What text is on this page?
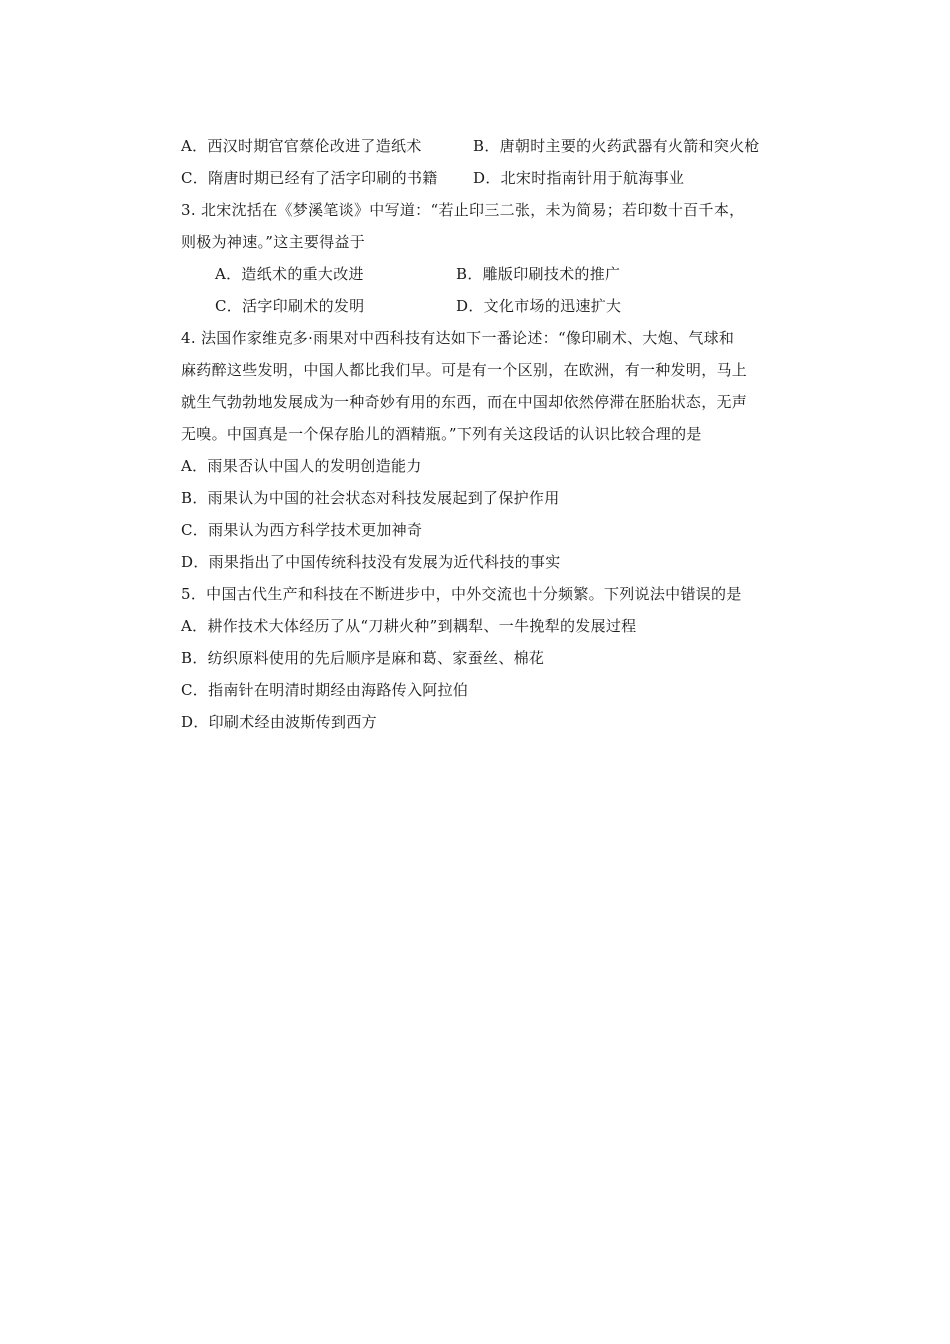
A．西汉时期官官蔡伦改进了造纸术	B．唐朝时主要的火药武器有火箭和突火枪
C．隋唐时期已经有了活字印刷的书籍 D．北宋时指南针用于航海事业
3. 北宋沈括在《梦溪笔谈》中写道：“若止印三二张，未为简易；若印数十百千本，
则极为神速。”这主要得益于
A．造纸术的重大改进	B．雕版印刷技术的推广
C．活字印刷术的发明	D．文化市场的迅速扩大
4. 法国作家维克多·雨果对中西科技有达如下一番论述：“像印刷术、大炮、气球和
麻药醉这些发明，中国人都比我们早。可是有一个区别，在欧洲，有一种发明，马上
就生气勃勃地发展成为一种奇妙有用的东西，而在中国却依然停滞在胚胎状态，无声
无嗅。中国真是一个保存胎儿的酒精瓶。”下列有关这段话的认识比较合理的是
A．雨果否认中国人的发明创造能力
B．雨果认为中国的社会状态对科技发展起到了保护作用
C．雨果认为西方科学技术更加神奇
D．雨果指出了中国传统科技没有发展为近代科技的事实
5．中国古代生产和科技在不断进步中，中外交流也十分频繁。下列说法中错误的是
A．耕作技术大体经历了从“刀耕火种”到耦犁、一牛挽犁的发展过程
B．纺织原料使用的先后顺序是麻和葛、家蚕丝、棉花
C．指南针在明清时期经由海路传入阿拉伯
D．印刷术经由波斯传到西方
